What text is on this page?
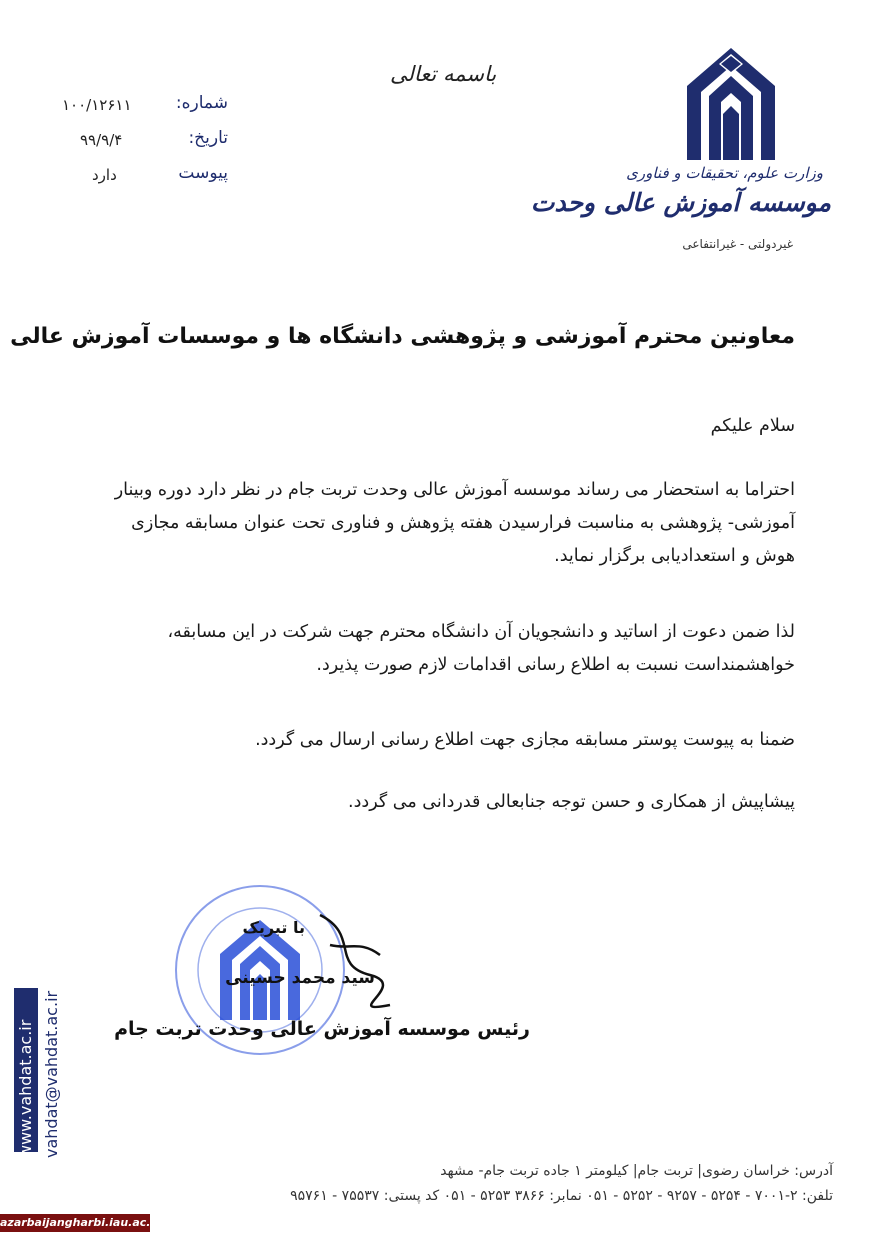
وزارت علوم، تحقیقات و فناوری
موسسه آموزش عالی وحدت
غیردولتی - غیرانتفاعی
باسمه تعالی
شماره:
۱۰۰/۱۲۶۱۱
تاریخ:
۹۹/۹/۴
پیوست
دارد
معاونین محترم آموزشی و پژوهشی دانشگاه ها و موسسات آموزش عالی
سلام علیکم
احتراما به استحضار می رساند موسسه آموزش عالی وحدت تربت جام در نظر دارد دوره وبینار آموزشی- پژوهشی به مناسبت فرارسیدن هفته پژوهش و فناوری تحت عنوان مسابقه مجازی هوش و استعدادیابی برگزار نماید.
لذا ضمن دعوت از اساتید و دانشجویان آن دانشگاه محترم جهت شرکت در این مسابقه، خواهشمنداست نسبت به اطلاع رسانی اقدامات لازم صورت پذیرد.
ضمنا به پیوست پوستر مسابقه مجازی جهت اطلاع رسانی ارسال می گردد.
پیشاپیش از همکاری و حسن توجه جنابعالی قدردانی می گردد.
با تبریک
سید محمد حسینی
رئیس موسسه آموزش عالی وحدت تربت جام
www.vahdat.ac.ir vahdat@vahdat.ac.ir
آدرس: خراسان رضوی| تربت جام| کیلومتر ۱ جاده تربت جام- مشهد
تلفن: ۲-۷۰۰۱ - ۵۲۵۴ - ۹۲۵۷ - ۵۲۵۲ - ۰۵۱ نمابر: ۳۸۶۶ ۵۲۵۳ - ۰۵۱ کد پستی: ۷۵۵۳۷ - ۹۵۷۶۱
azarbaijangharbi.iau.ac.ir
